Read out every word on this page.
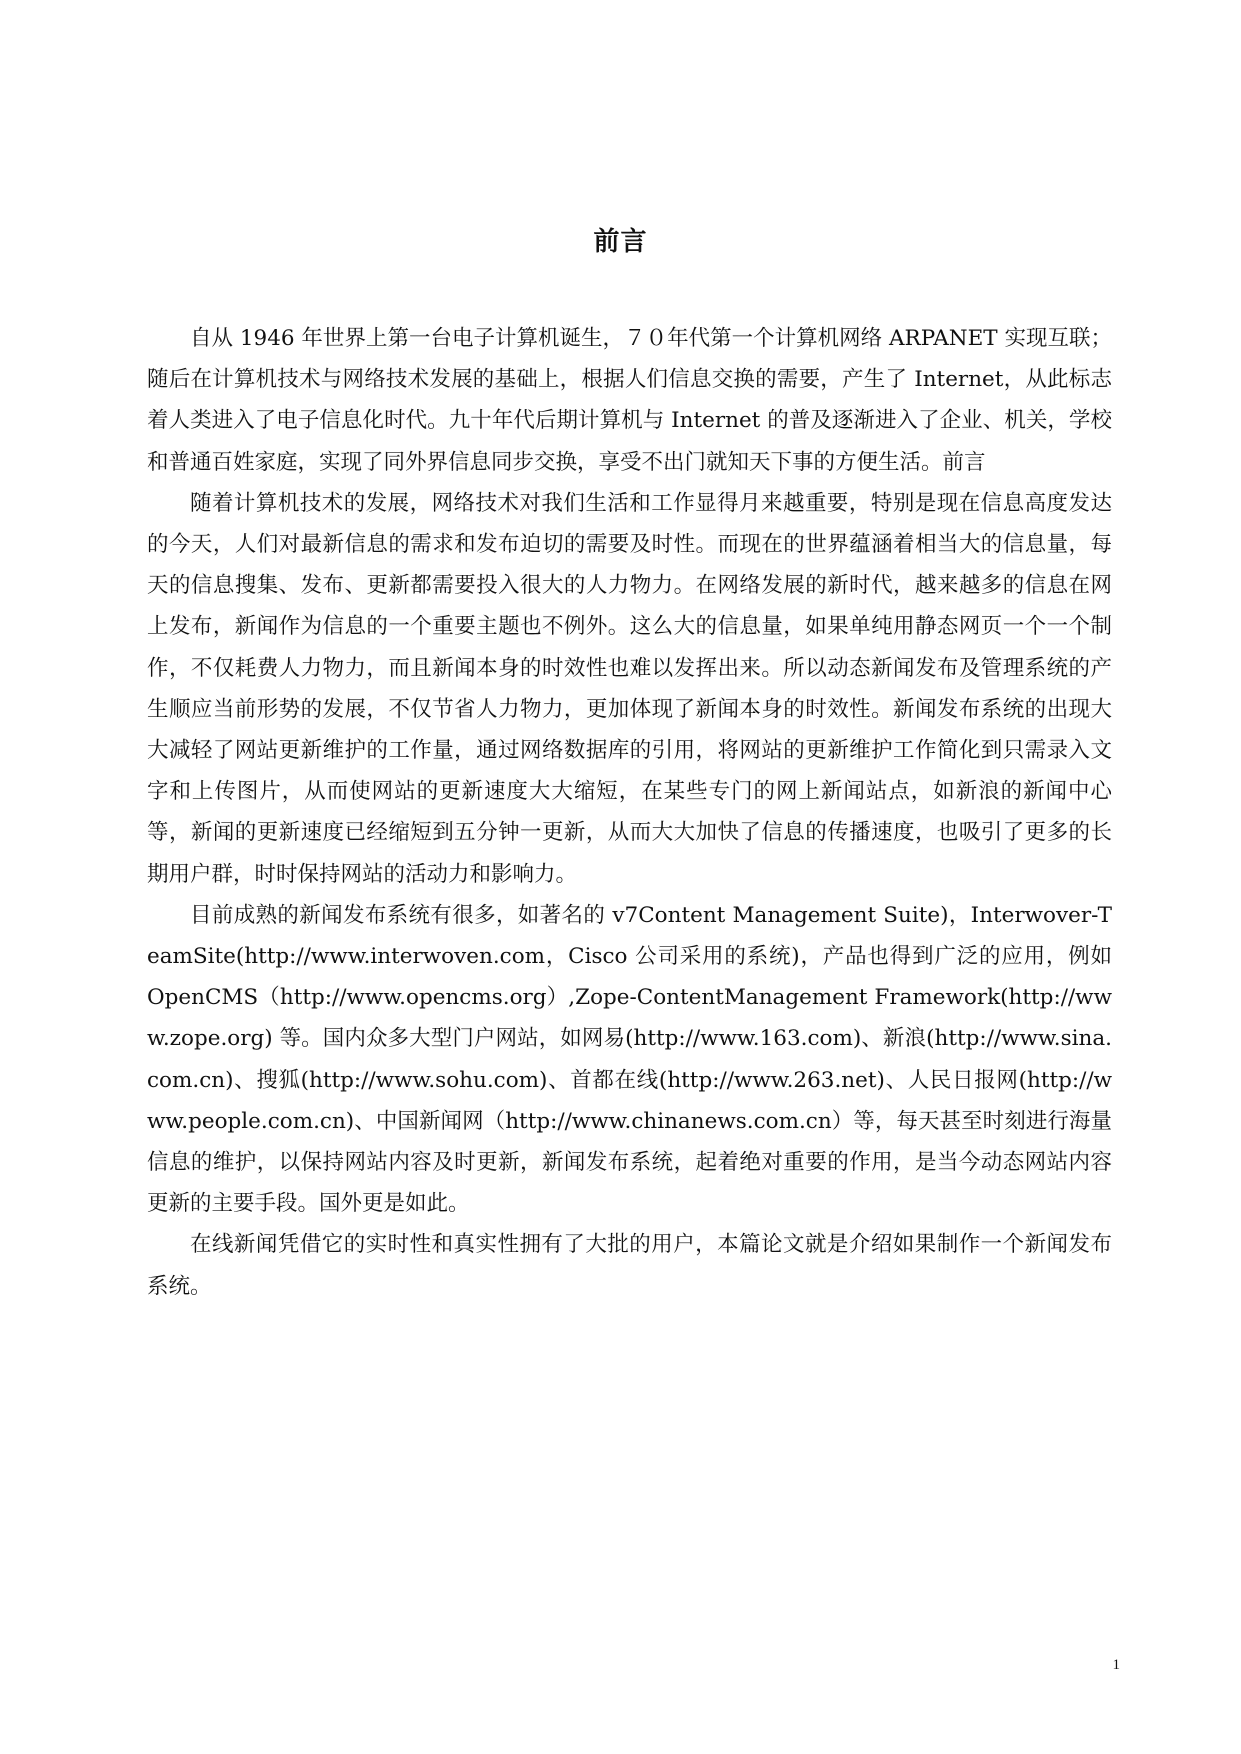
前言

自从 1946 年世界上第一台电子计算机诞生，７０年代第一个计算机网络 ARPANET 实现互联；随后在计算机技术与网络技术发展的基础上，根据人们信息交换的需要，产生了 Internet，从此标志着人类进入了电子信息化时代。九十年代后期计算机与 Internet 的普及逐渐进入了企业、机关，学校和普通百姓家庭，实现了同外界信息同步交换，享受不出门就知天下事的方便生活。前言

随着计算机技术的发展，网络技术对我们生活和工作显得月来越重要，特别是现在信息高度发达的今天，人们对最新信息的需求和发布迫切的需要及时性。而现在的世界蕴涵着相当大的信息量，每天的信息搜集、发布、更新都需要投入很大的人力物力。在网络发展的新时代，越来越多的信息在网上发布，新闻作为信息的一个重要主题也不例外。这么大的信息量，如果单纯用静态网页一个一个制作，不仅耗费人力物力，而且新闻本身的时效性也难以发挥出来。所以动态新闻发布及管理系统的产生顺应当前形势的发展，不仅节省人力物力，更加体现了新闻本身的时效性。新闻发布系统的出现大大减轻了网站更新维护的工作量，通过网络数据库的引用，将网站的更新维护工作简化到只需录入文字和上传图片，从而使网站的更新速度大大缩短，在某些专门的网上新闻站点，如新浪的新闻中心等，新闻的更新速度已经缩短到五分钟一更新，从而大大加快了信息的传播速度，也吸引了更多的长期用户群，时时保持网站的活动力和影响力。

目前成熟的新闻发布系统有很多，如著名的 v7Content Management Suite)，Interwover-TeamSite(http://www.interwoven.com，Cisco 公司采用的系统)，产品也得到广泛的应用，例如 OpenCMS（http://www.opencms.org）,Zope-ContentManagement Framework(http://www.zope.org) 等。国内众多大型门户网站，如网易(http://www.163.com)、新浪(http://www.sina.com.cn)、搜狐(http://www.sohu.com)、首都在线(http://www.263.net)、人民日报网(http://www.people.com.cn)、中国新闻网（http://www.chinanews.com.cn）等，每天甚至时刻进行海量信息的维护，以保持网站内容及时更新，新闻发布系统，起着绝对重要的作用，是当今动态网站内容更新的主要手段。国外更是如此。

在线新闻凭借它的实时性和真实性拥有了大批的用户，本篇论文就是介绍如果制作一个新闻发布系统。

1
